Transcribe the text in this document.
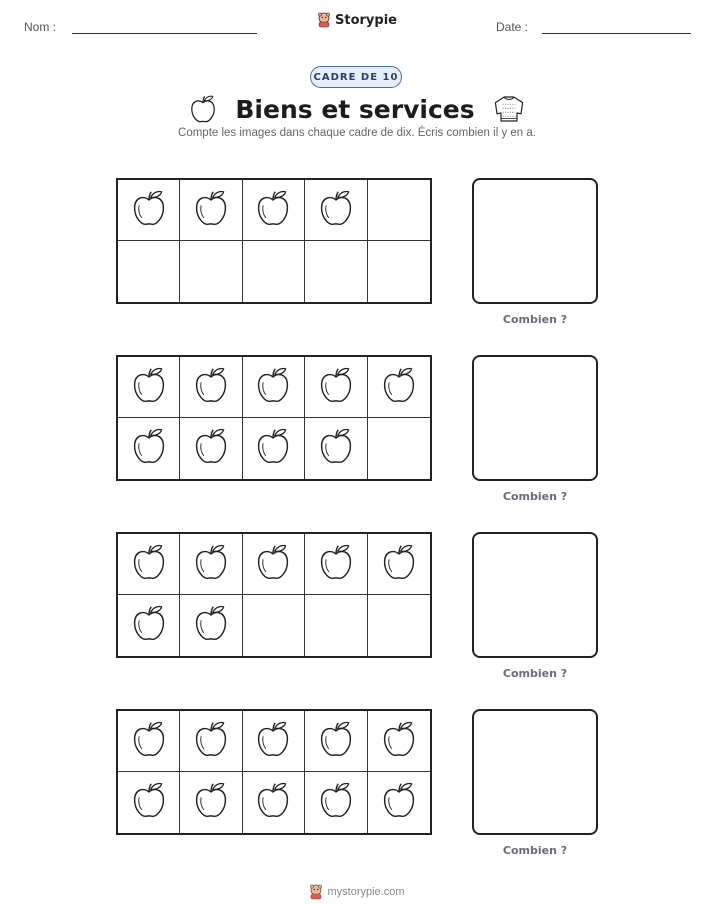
Nom :	Storypie	Date :
CADRE DE 10
Biens et services
Compte les images dans chaque cadre de dix. Écris combien il y en a.
Combien ?
Combien ?
Combien ?
Combien ?
mystorypie.com
